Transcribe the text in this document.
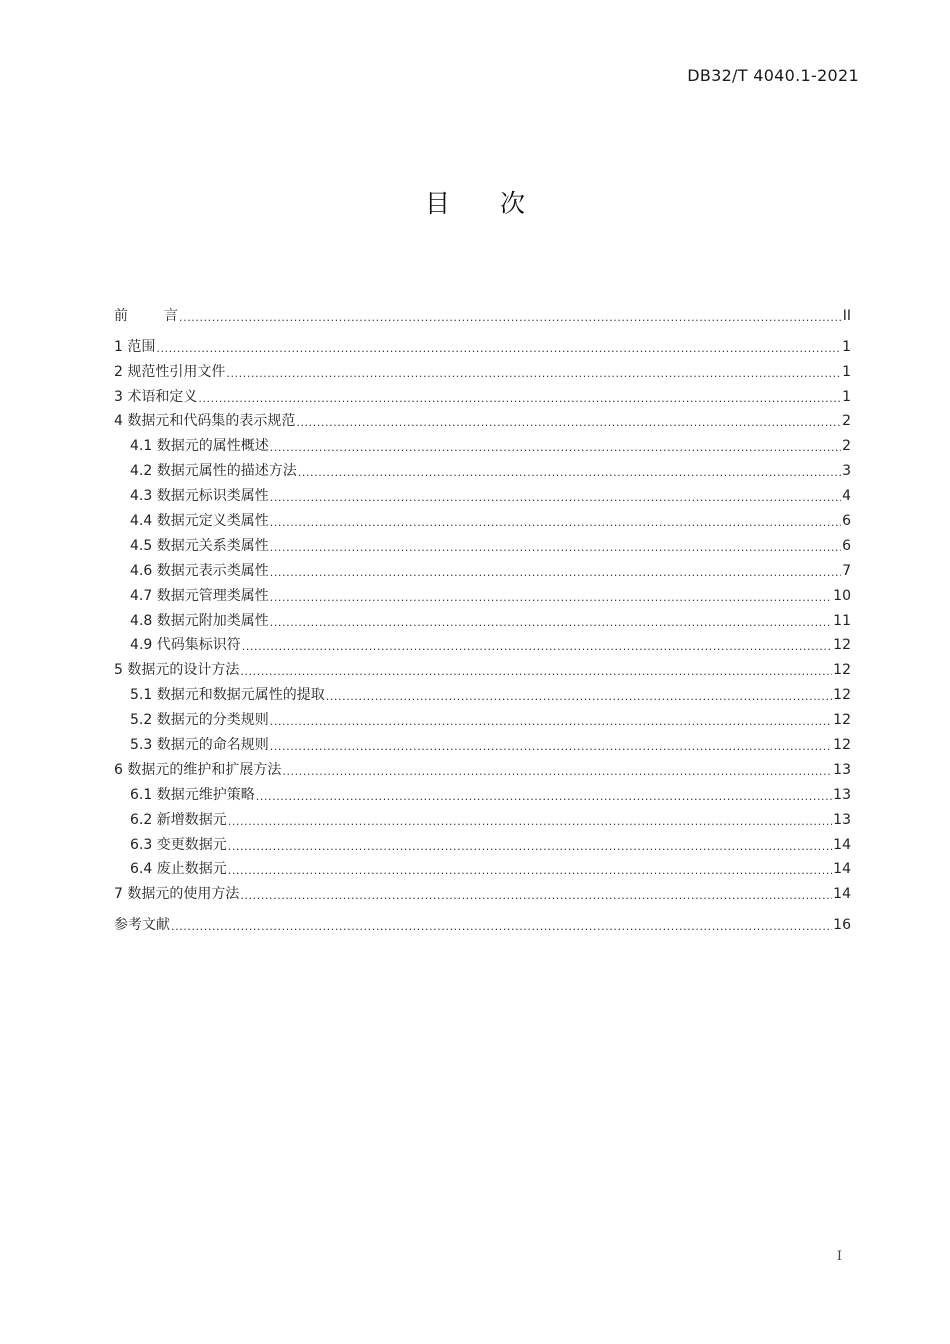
DB32/T 4040.1-2021
目 次
前	言 .....	II
1 范围 .....	1
2 规范性引用文件 .....	1
3 术语和定义 .....	1
4 数据元和代码集的表示规范 .....	2
4.1 数据元的属性概述 .....	2
4.2 数据元属性的描述方法 .....	3
4.3 数据元标识类属性 .....	4
4.4 数据元定义类属性 .....	6
4.5 数据元关系类属性 .....	6
4.6 数据元表示类属性 .....	7
4.7 数据元管理类属性 .....	10
4.8 数据元附加类属性 .....	11
4.9 代码集标识符 .....	12
5 数据元的设计方法 .....	12
5.1 数据元和数据元属性的提取 .....	12
5.2 数据元的分类规则 .....	12
5.3 数据元的命名规则 .....	12
6 数据元的维护和扩展方法 .....	13
6.1 数据元维护策略 .....	13
6.2 新增数据元 .....	13
6.3 变更数据元 .....	14
6.4 废止数据元 .....	14
7 数据元的使用方法 .....	14
参考文献 .....	16
I
